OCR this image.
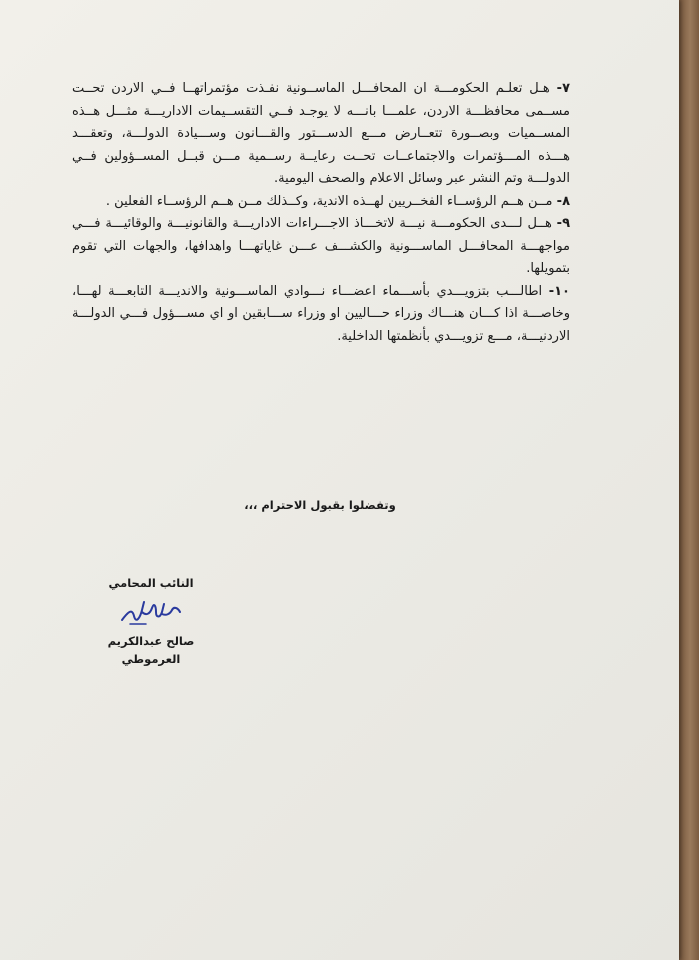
٧- هـل تعلـم الحكومـــة ان المحافـــل الماســونية نفـذت مؤتمراتهــا فــي الاردن تحــت مســمى محافظـــة الاردن، علمـــا بانـــه لا يوجـد فــي التقســيمات الاداريـــة مثـــل هــذه المســميات وبصــورة تتعــارض مـــع الدســـتور والقـــانون وســـيادة الدولـــة، وتعقـــد هـــذه المـــؤتمرات والاجتماعــات تحــت رعايــة رســمية مـــن قبــل المســؤولين فــي الدولـــة وتم النشر عبر وسائل الاعلام والصحف اليومية.

٨- مــن هــم الرؤســاء الفخــريين لهــذه الاندية، وكــذلك مــن هــم الرؤســاء الفعلين .

٩- هــل لـــدى الحكومـــة نيـــة لاتخـــاذ الاجـــراءات الاداريـــة والقانونيـــة والوقائيـــة فـــي مواجهـــة المحافـــل الماســـونية والكشـــف عـــن غاياتهـــا واهدافها، والجهات التي تقوم بتمويلها.

١٠- اطالـــب بتزويـــدي بأســـماء اعضـــاء نـــوادي الماســـونية والانديـــة التابعـــة لهـــا، وخاصـــة اذا كـــان هنـــاك وزراء حـــاليين او وزراء ســـابقين او اي مســـؤول فـــي الدولـــة الاردنيـــة، مـــع تزويـــدي بأنظمتها الداخلية.

وتفضلوا بقبول الاحترام ،،،
النائب المحامي
صالح عبدالكريم العرموطي
